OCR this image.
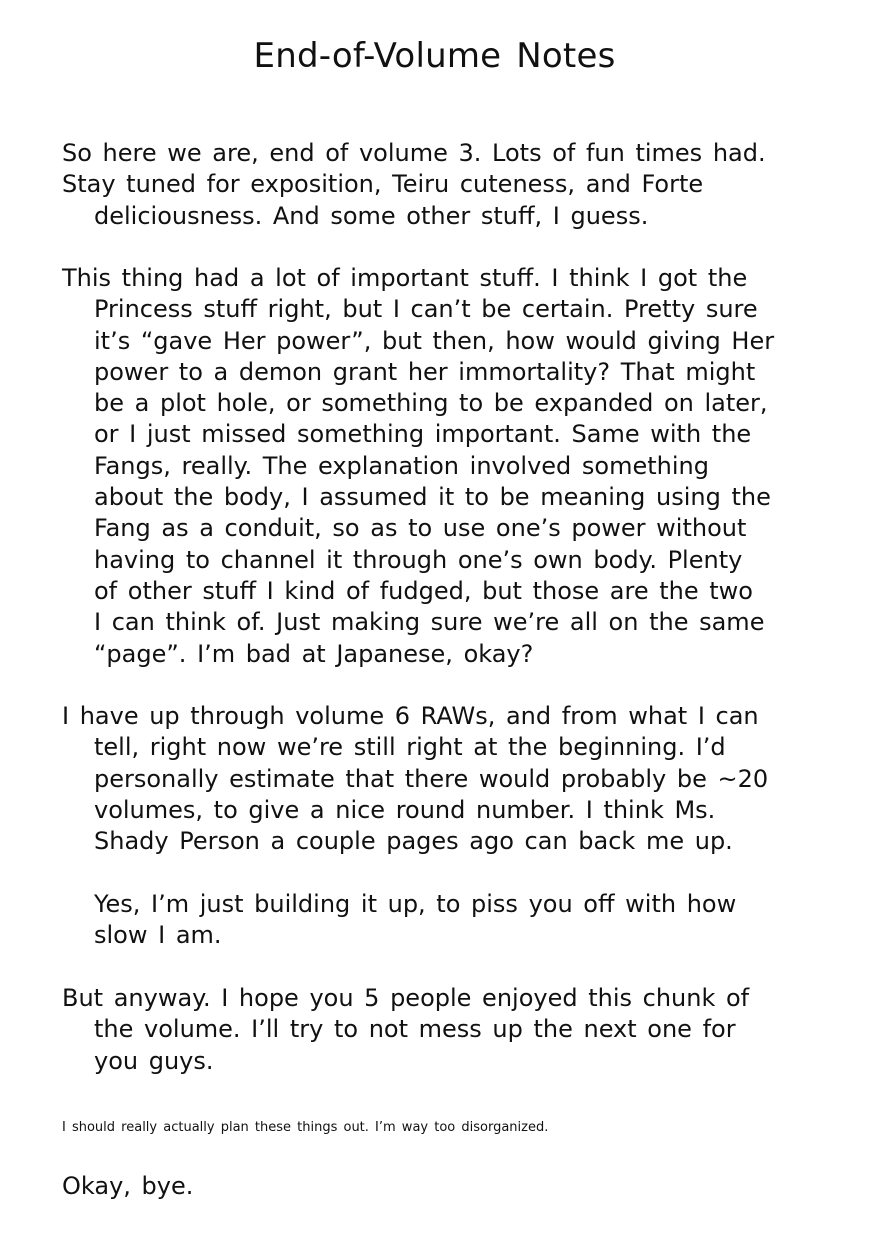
End-of-Volume Notes

So here we are, end of volume 3. Lots of fun times had.
Stay tuned for exposition, Teiru cuteness, and Forte
deliciousness. And some other stuff, I guess.

This thing had a lot of important stuff. I think I got the
Princess stuff right, but I can’t be certain. Pretty sure
it’s “gave Her power”, but then, how would giving Her
power to a demon grant her immortality? That might
be a plot hole, or something to be expanded on later,
or I just missed something important. Same with the
Fangs, really. The explanation involved something
about the body, I assumed it to be meaning using the
Fang as a conduit, so as to use one’s power without
having to channel it through one’s own body. Plenty
of other stuff I kind of fudged, but those are the two
I can think of. Just making sure we’re all on the same
“page”. I’m bad at Japanese, okay?

I have up through volume 6 RAWs, and from what I can
tell, right now we’re still right at the beginning. I’d
personally estimate that there would probably be ~20
volumes, to give a nice round number. I think Ms.
Shady Person a couple pages ago can back me up.

Yes, I’m just building it up, to piss you off with how
slow I am.

But anyway. I hope you 5 people enjoyed this chunk of
the volume. I’ll try to not mess up the next one for
you guys.

I should really actually plan these things out. I’m way too disorganized.

Okay, bye.
